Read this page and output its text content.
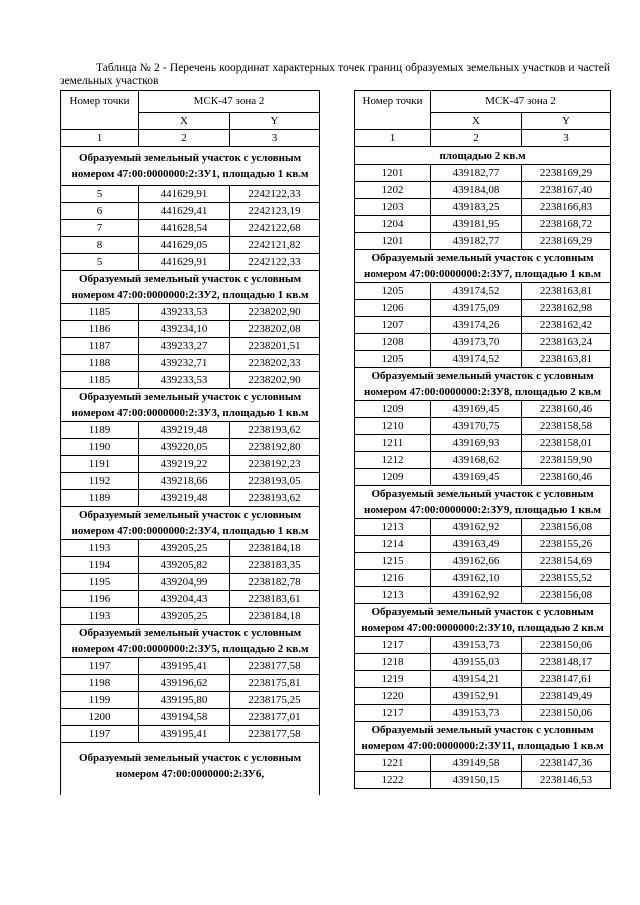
Таблица № 2 - Перечень координат характерных точек границ образуемых земельных участков и частей земельных участков
Номер точки	МСК-47 зона 2	
	X	Y
1	2	3
Образуемый земельный участок с условным номером 47:00:0000000:2:ЗУ1, площадью 1 кв.м		
5	441629,91	2242122,33
6	441629,41	2242123,19
7	441628,54	2242122,68
8	441629,05	2242121,82
5	441629,91	2242122,33
Образуемый земельный участок с условным номером 47:00:0000000:2:ЗУ2, площадью 1 кв.м		
1185	439233,53	2238202,90
1186	439234,10	2238202,08
1187	439233,27	2238201,51
1188	439232,71	2238202,33
1185	439233,53	2238202,90
Образуемый земельный участок с условным номером 47:00:0000000:2:ЗУ3, площадью 1 кв.м		
1189	439219,48	2238193,62
1190	439220,05	2238192,80
1191	439219,22	2238192,23
1192	439218,66	2238193,05
1189	439219,48	2238193,62
Образуемый земельный участок с условным номером 47:00:0000000:2:ЗУ4, площадью 1 кв.м		
1193	439205,25	2238184,18
1194	439205,82	2238183,35
1195	439204,99	2238182,78
1196	439204,43	2238183,61
1193	439205,25	2238184,18
Образуемый земельный участок с условным номером 47:00:0000000:2:ЗУ5, площадью 2 кв.м		
1197	439195,41	2238177,58
1198	439196,62	2238175,81
1199	439195,80	2238175,25
1200	439194,58	2238177,01
1197	439195,41	2238177,58
Образуемый земельный участок с условным номером 47:00:0000000:2:ЗУ6,		
Номер точки	МСК-47 зона 2	
	X	Y
1	2	3
площадью 2 кв.м		
1201	439182,77	2238169,29
1202	439184,08	2238167,40
1203	439183,25	2238166,83
1204	439181,95	2238168,72
1201	439182,77	2238169,29
Образуемый земельный участок с условным номером 47:00:0000000:2:ЗУ7, площадью 1 кв.м		
1205	439174,52	2238163,81
1206	439175,09	2238162,98
1207	439174,26	2238162,42
1208	439173,70	2238163,24
1205	439174,52	2238163,81
Образуемый земельный участок с условным номером 47:00:0000000:2:ЗУ8, площадью 2 кв.м		
1209	439169,45	2238160,46
1210	439170,75	2238158,58
1211	439169,93	2238158,01
1212	439168,62	2238159,90
1209	439169,45	2238160,46
Образуемый земельный участок с условным номером 47:00:0000000:2:ЗУ9, площадью 1 кв.м		
1213	439162,92	2238156,08
1214	439163,49	2238155,26
1215	439162,66	2238154,69
1216	439162,10	2238155,52
1213	439162,92	2238156,08
Образуемый земельный участок с условным номером 47:00:0000000:2:ЗУ10, площадью 2 кв.м		
1217	439153,73	2238150,06
1218	439155,03	2238148,17
1219	439154,21	2238147,61
1220	439152,91	2238149,49
1217	439153,73	2238150,06
Образуемый земельный участок с условным номером 47:00:0000000:2:ЗУ11, площадью 1 кв.м		
1221	439149,58	2238147,36
1222	439150,15	2238146,53
